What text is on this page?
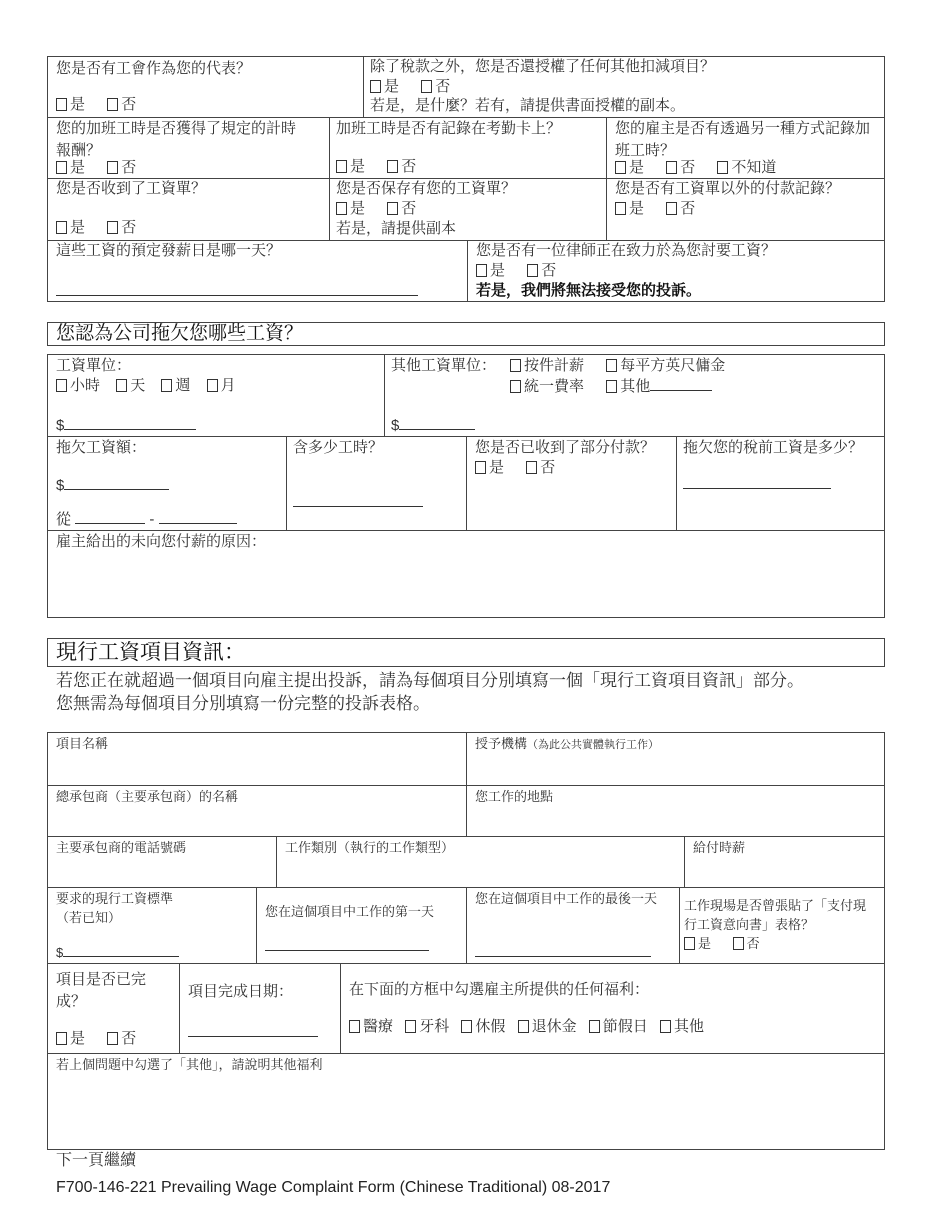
您是否有工會作為您的代表？
是 否
除了稅款之外，您是否還授權了任何其他扣減項目？
是 否
若是，是什麼？若有，請提供書面授權的副本。
您的加班工時是否獲得了規定的計時報酬？
是 否
加班工時是否有記錄在考勤卡上？
是 否
您的雇主是否有透過另一種方式記錄加班工時？
是 否 不知道
您是否收到了工資單？
是 否
您是否保存有您的工資單？
是 否
若是，請提供副本
您是否有工資單以外的付款記錄？
是 否
這些工資的預定發薪日是哪一天？	您是否有一位律師正在致力於為您討要工資？
是 否
若是，我們將無法接受您的投訴。
您認為公司拖欠您哪些工資？
工資單位：
小時 天 週 月
$
其他工資單位：	按件計薪 每平方英尺傭金
統一費率 其他
$
拖欠工資額：
$
從	-
含多少工時？	您是否已收到了部分付款？
是 否
拖欠您的稅前工資是多少？
雇主給出的未向您付薪的原因：
現行工資項目資訊：
若您正在就超過一個項目向雇主提出投訴，請為每個項目分別填寫一個「現行工資項目資訊」部分。
您無需為每個項目分別填寫一份完整的投訴表格。
項目名稱	授予機構（為此公共實體執行工作）
總承包商（主要承包商）的名稱	您工作的地點
主要承包商的電話號碼	工作類別（執行的工作類型）	給付時薪
要求的現行工資標準
（若已知）
$
您在這個項目中工作的第一天
您在這個項目中工作的最後一天	工作現場是否曾張貼了「支付現行工資意向書」表格？
是	否
項目是否已完成？
是 否
項目完成日期：	在下面的方框中勾選雇主所提供的任何福利：
醫療 牙科 休假 退休金 節假日 其他
若上個問題中勾選了「其他」，請說明其他福利
下一頁繼續
F700-146-221 Prevailing Wage Complaint Form (Chinese Traditional) 08-2017
